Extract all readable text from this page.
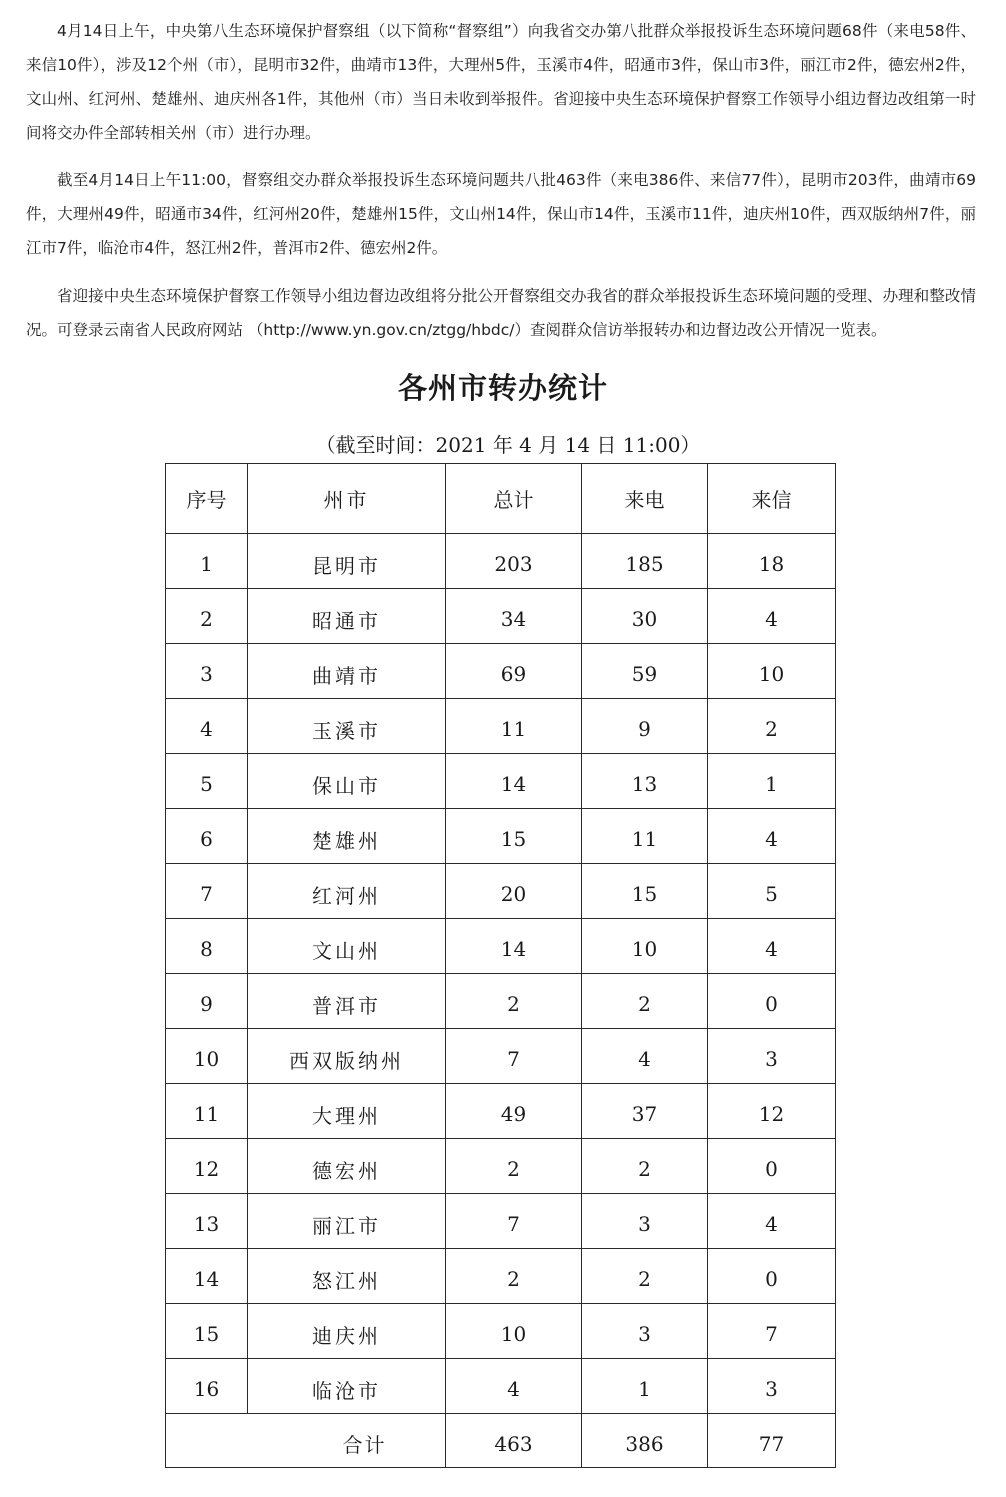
4月14日上午，中央第八生态环境保护督察组（以下简称“督察组”）向我省交办第八批群众举报投诉生态环境问题68件（来电58件、来信10件），涉及12个州（市），昆明市32件，曲靖市13件，大理州5件，玉溪市4件，昭通市3件，保山市3件，丽江市2件，德宏州2件，文山州、红河州、楚雄州、迪庆州各1件，其他州（市）当日未收到举报件。省迎接中央生态环境保护督察工作领导小组边督边改组第一时间将交办件全部转相关州（市）进行办理。

截至4月14日上午11:00，督察组交办群众举报投诉生态环境问题共八批463件（来电386件、来信77件），昆明市203件，曲靖市69件，大理州49件，昭通市34件，红河州20件，楚雄州15件，文山州14件，保山市14件，玉溪市11件，迪庆州10件，西双版纳州7件，丽江市7件，临沧市4件，怒江州2件，普洱市2件、德宏州2件。

省迎接中央生态环境保护督察工作领导小组边督边改组将分批公开督察组交办我省的群众举报投诉生态环境问题的受理、办理和整改情况。可登录云南省人民政府网站 （http://www.yn.gov.cn/ztgg/hbdc/）查阅群众信访举报转办和边督边改公开情况一览表。

各州市转办统计
（截至时间：2021 年 4 月 14 日 11:00）
序号	州市	总计	来电	来信
1	昆明市	203	185	18
2	昭通市	34	30	4
3	曲靖市	69	59	10
4	玉溪市	11	9	2
5	保山市	14	13	1
6	楚雄州	15	11	4
7	红河州	20	15	5
8	文山州	14	10	4
9	普洱市	2	2	0
10	西双版纳州	7	4	3
11	大理州	49	37	12
12	德宏州	2	2	0
13	丽江市	7	3	4
14	怒江州	2	2	0
15	迪庆州	10	3	7
16	临沧市	4	1	3
合计		463	386	77
